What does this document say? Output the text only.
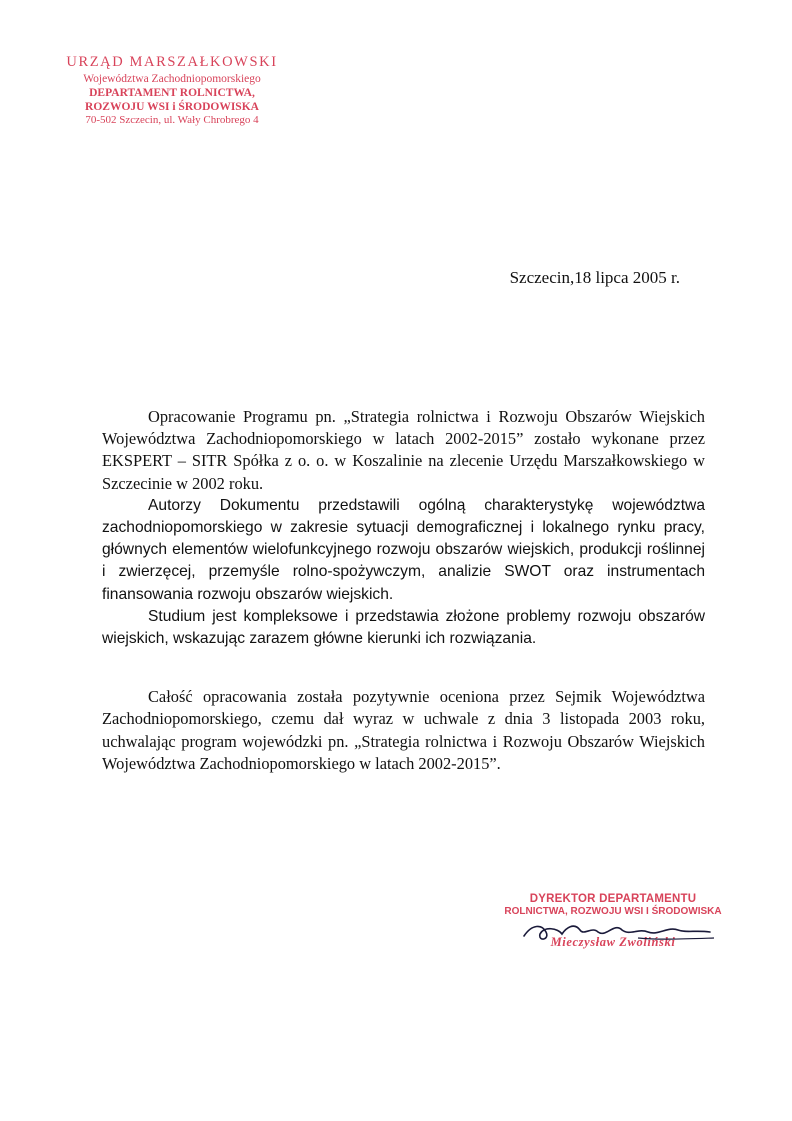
URZĄD MARSZAŁKOWSKI
Województwa Zachodniopomorskiego
DEPARTAMENT ROLNICTWA,
ROZWOJU WSI i ŚRODOWISKA
70-502 Szczecin, ul. Wały Chrobrego 4
Szczecin,18 lipca 2005 r.

Opracowanie Programu pn. „Strategia rolnictwa i Rozwoju Obszarów Wiejskich Województwa Zachodniopomorskiego w latach 2002-2015” zostało wykonane przez EKSPERT – SITR Spółka z o. o. w Koszalinie na zlecenie Urzędu Marszałkowskiego w Szczecinie w 2002 roku.

Autorzy Dokumentu przedstawili ogólną charakterystykę województwa zachodniopomorskiego w zakresie sytuacji demograficznej i lokalnego rynku pracy, głównych elementów wielofunkcyjnego rozwoju obszarów wiejskich, produkcji roślinnej i zwierzęcej, przemyśle rolno-spożywczym, analizie SWOT oraz instrumentach finansowania rozwoju obszarów wiejskich.

Studium jest kompleksowe i przedstawia złożone problemy rozwoju obszarów wiejskich, wskazując zarazem główne kierunki ich rozwiązania.

Całość opracowania została pozytywnie oceniona przez Sejmik Województwa Zachodniopomorskiego, czemu dał wyraz w uchwale z dnia 3 listopada 2003 roku, uchwalając program wojewódzki pn. „Strategia rolnictwa i Rozwoju Obszarów Wiejskich Województwa Zachodniopomorskiego w latach 2002-2015”.

DYREKTOR DEPARTAMENTU
ROLNICTWA, ROZWOJU WSI I ŚRODOWISKA
Mieczysław Zwoliński
